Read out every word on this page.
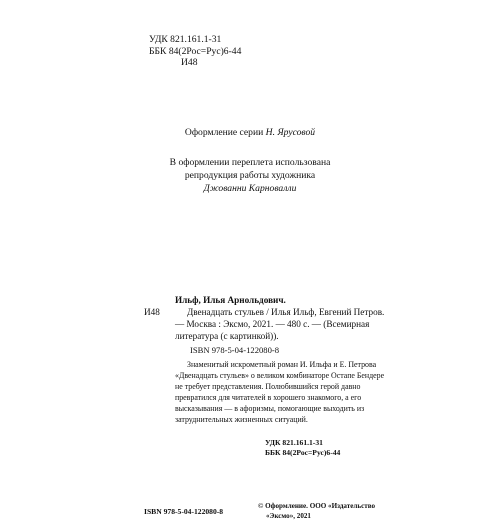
УДК 821.161.1-31
ББК 84(2Рос=Рус)6-44
И48
Оформление серии Н. Ярусовой
В оформлении переплета использована
репродукция работы художника
Джованни Карновалли
Ильф, Илья Арнольдович.

Двенадцать стульев / Илья Ильф, Евгений Петров. — Москва : Эксмо, 2021. — 480 с. — (Всемирная литература (с картинкой)).

И48
ISBN 978-5-04-122080-8
Знаменитый искрометный роман И. Ильфа и Е. Петрова «Двенадцать стульев» о великом комбинаторе Остапе Бендере не требует представления. Полюбившийся герой давно превратился для читателей в хорошего знакомого, а его высказывания — в афоризмы, помогающие выходить из затруднительных жизненных ситуаций.
УДК 821.161.1-31
ББК 84(2Рос=Рус)6-44
ISBN 978-5-04-122080-8
© Оформление. ООО «Издательство
«Эксмо», 2021
